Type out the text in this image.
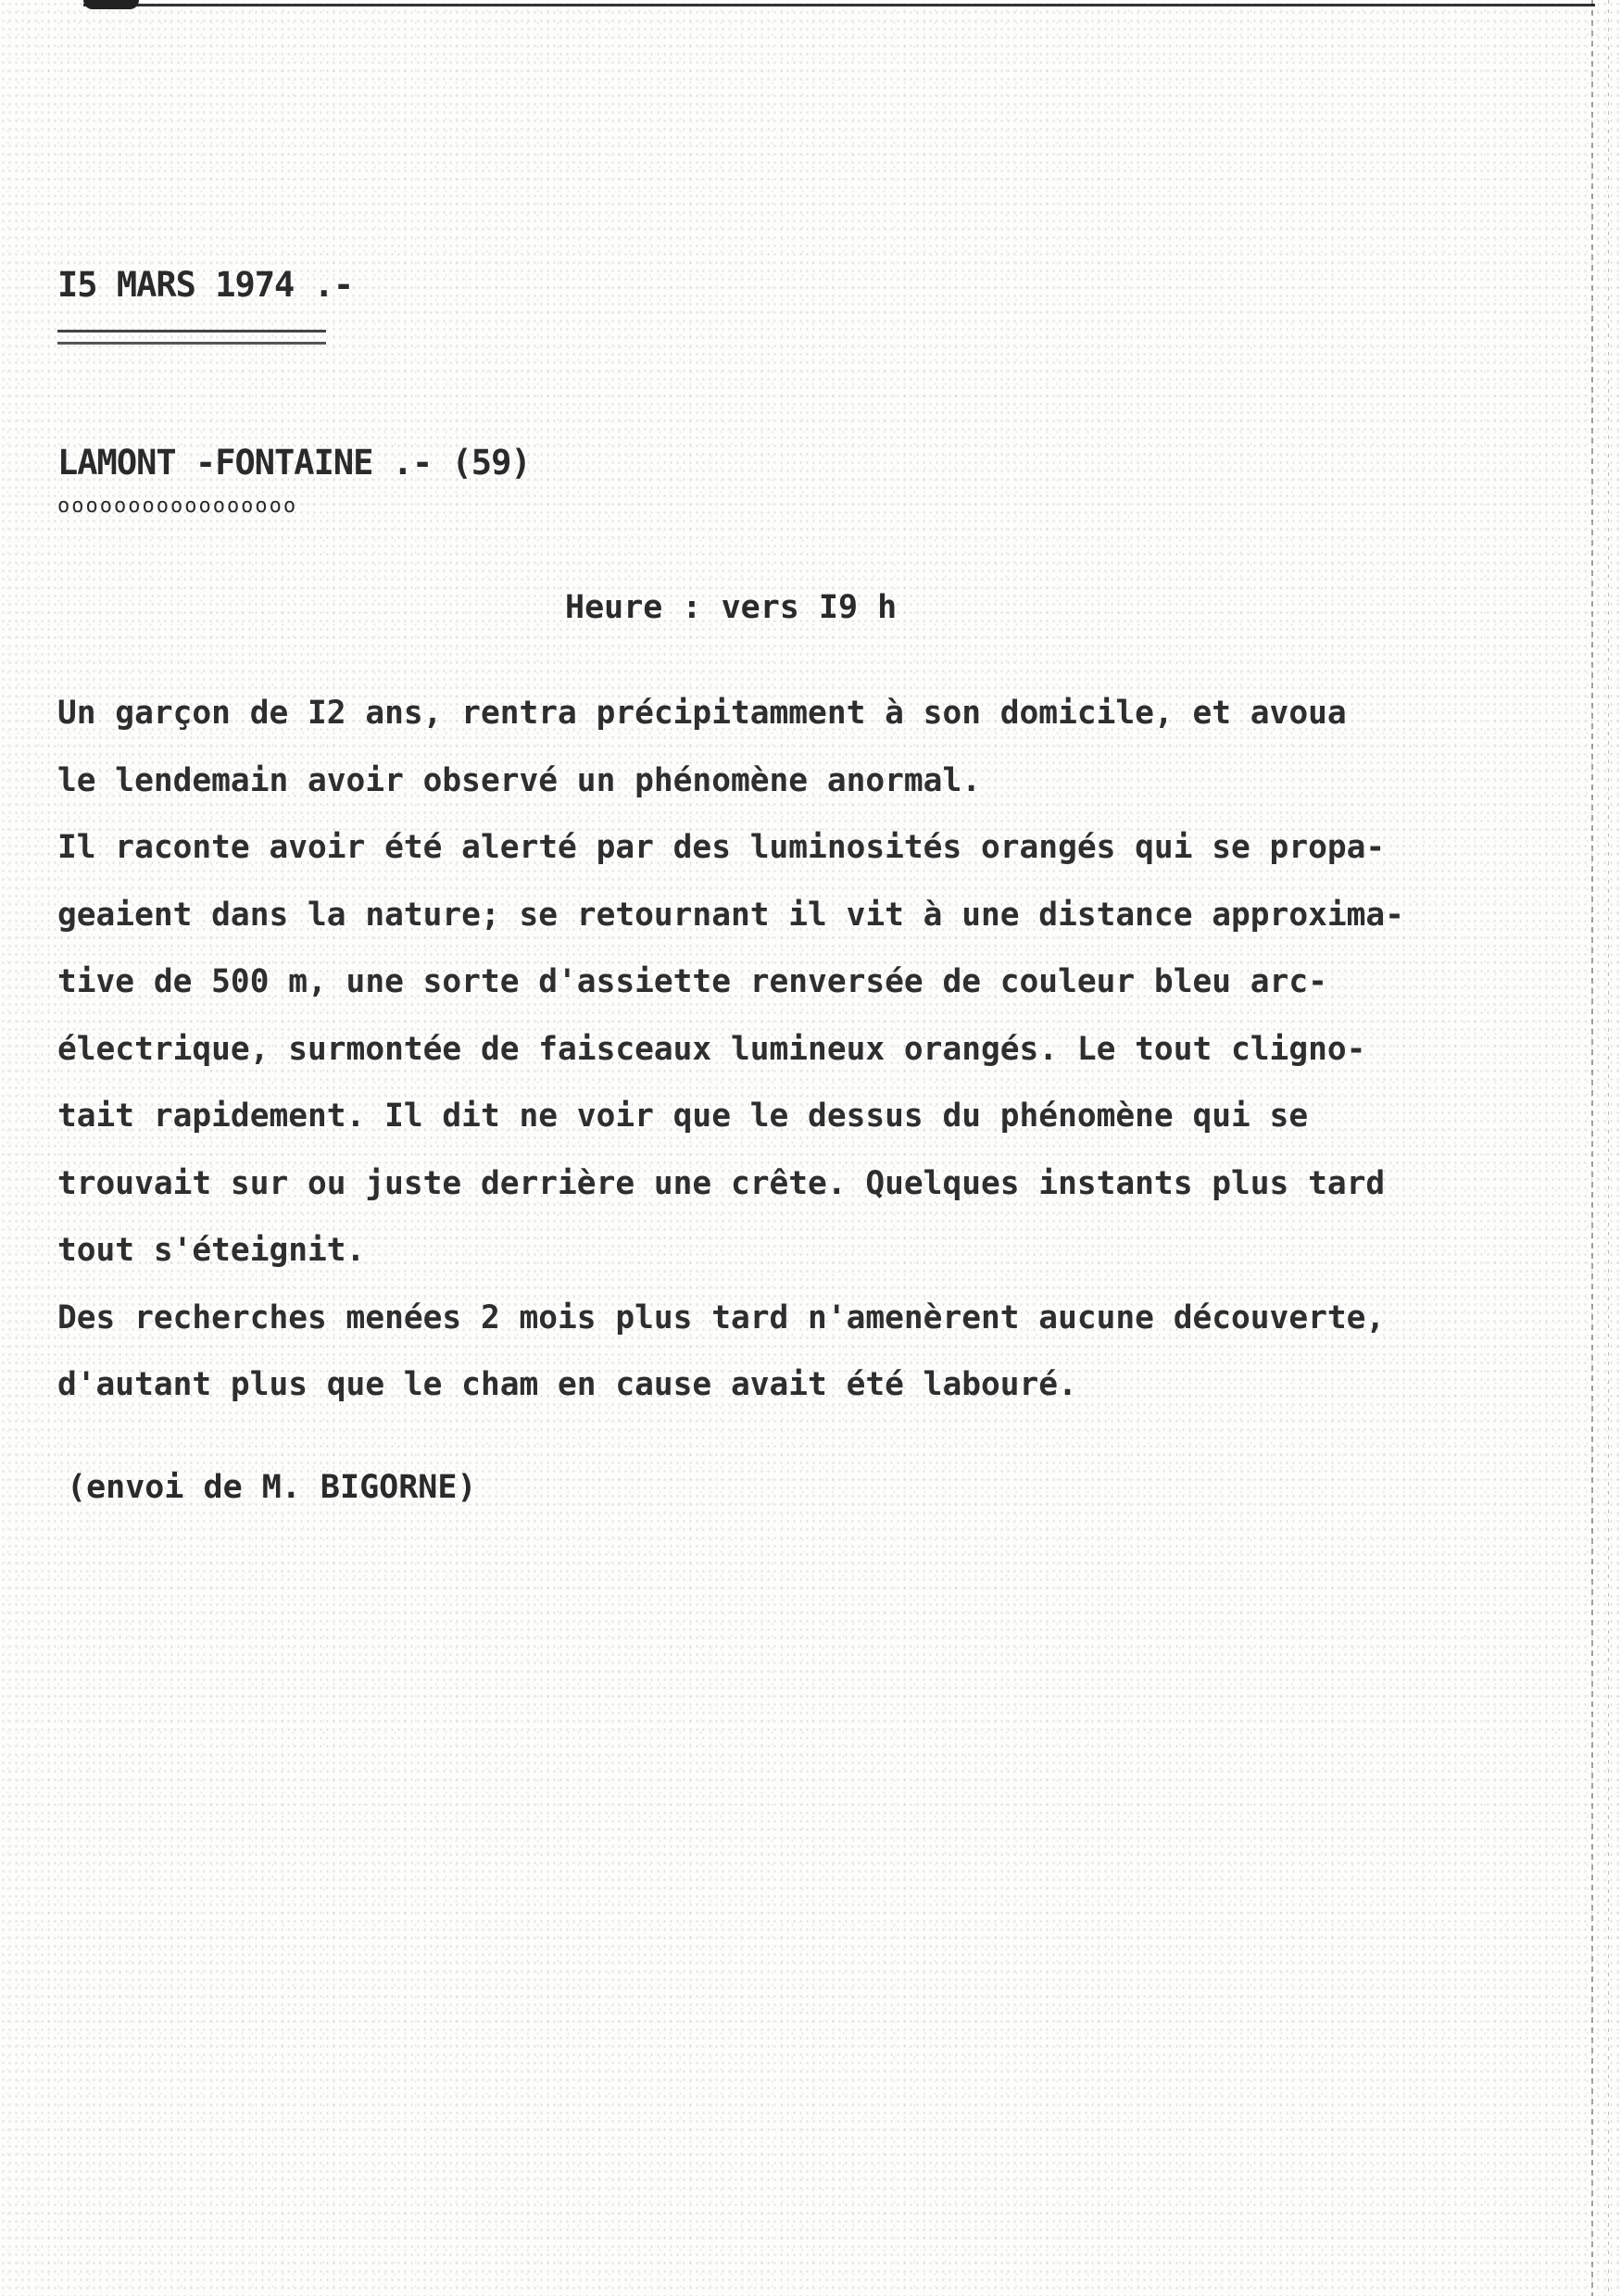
I5 MARS 1974 .-
LAMONT -FONTAINE .- (59)
ooooooooooooooooo
Heure : vers I9 h
Un garçon de I2 ans, rentra précipitamment à son domicile, et avoua
le lendemain avoir observé un phénomène anormal.
Il raconte avoir été alerté par des luminosités orangés qui se propa-
geaient dans la nature; se retournant il vit à une distance approxima-
tive de 500 m, une sorte d'assiette renversée de couleur bleu arc-
électrique, surmontée de faisceaux lumineux orangés. Le tout cligno-
tait rapidement. Il dit ne voir que le dessus du phénomène qui se
trouvait sur ou juste derrière une crête. Quelques instants plus tard
tout s'éteignit.
Des recherches menées 2 mois plus tard n'amenèrent aucune découverte,
d'autant plus que le cham en cause avait été labouré.
(envoi de M. BIGORNE)
